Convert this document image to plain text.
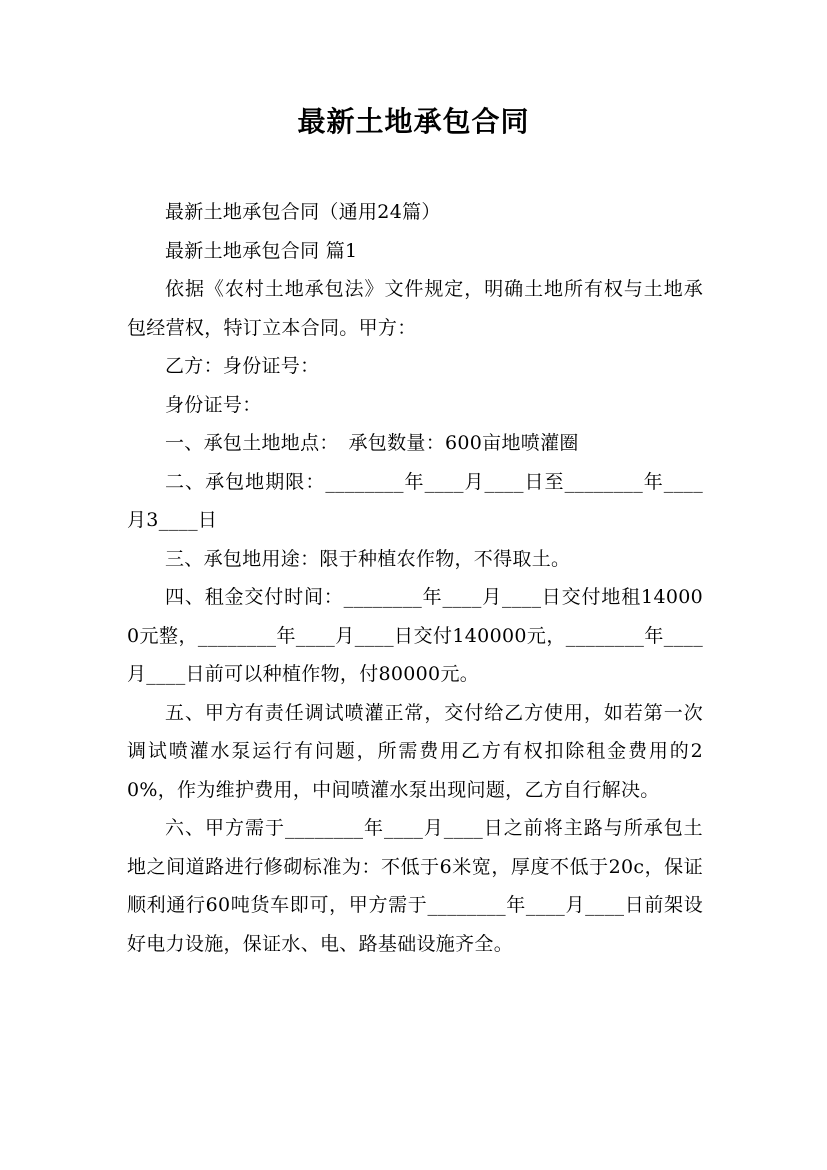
最新土地承包合同

最新土地承包合同（通用24篇）

最新土地承包合同 篇1

依据《农村土地承包法》文件规定，明确土地所有权与土地承包经营权，特订立本合同。甲方：

乙方：身份证号：

身份证号：

一、承包土地地点：　承包数量：600亩地喷灌圈

二、承包地期限：________年____月____日至________年____月3____日

三、承包地用途：限于种植农作物，不得取土。

四、租金交付时间：________年____月____日交付地租140000元整，________年____月____日交付140000元，________年____月____日前可以种植作物，付80000元。

五、甲方有责任调试喷灌正常，交付给乙方使用，如若第一次调试喷灌水泵运行有问题，所需费用乙方有权扣除租金费用的20%，作为维护费用，中间喷灌水泵出现问题，乙方自行解决。

六、甲方需于________年____月____日之前将主路与所承包土地之间道路进行修砌标准为：不低于6米宽，厚度不低于20c，保证顺利通行60吨货车即可，甲方需于________年____月____日前架设好电力设施，保证水、电、路基础设施齐全。
